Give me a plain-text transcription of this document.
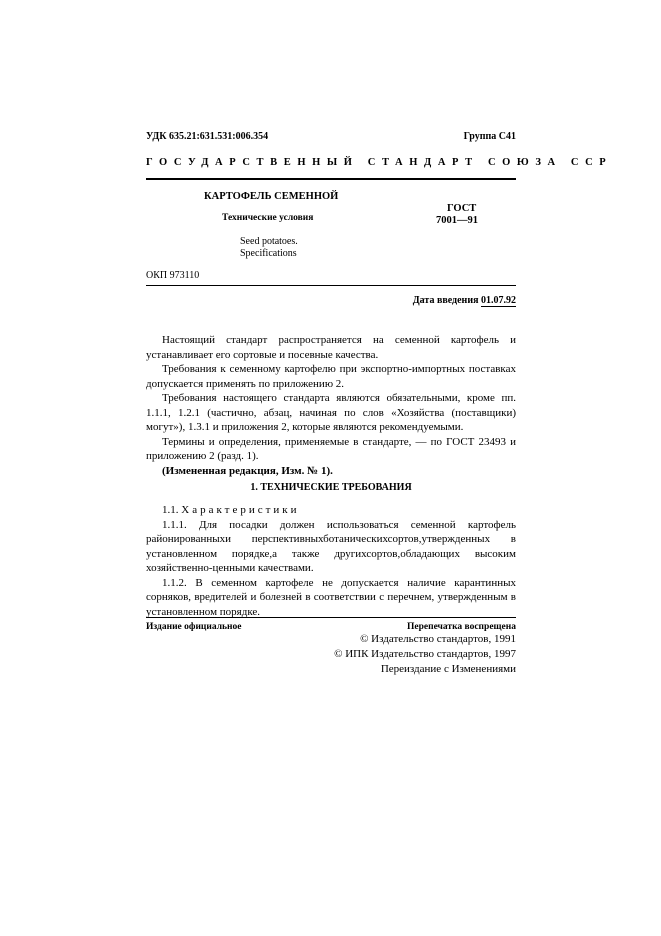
УДК 635.21:631.531:006.354	Группа С41
ГОСУДАРСТВЕННЫЙ СТАНДАРТ СОЮЗА ССР
КАРТОФЕЛЬ СЕМЕННОЙ
Технические условия
ГОСТ
7001—91
Seed potatoes.
Specifications
ОКП 973110
Дата введения 01.07.92

Настоящий стандарт распространяется на семенной картофель и устанавливает его сортовые и посевные качества.

Требования к семенному картофелю при экспортно-импортных поставках допускается применять по приложению 2.

Требования настоящего стандарта являются обязательными, кроме пп. 1.1.1, 1.2.1 (частично, абзац, начиная по слов «Хозяйства (поставщики) могут»), 1.3.1 и приложения 2, которые являются рекомендуемыми.

Термины и определения, применяемые в стандарте, — по ГОСТ 23493 и приложению 2 (разд. 1).

(Измененная редакция, Изм. № 1).

1. ТЕХНИЧЕСКИЕ ТРЕБОВАНИЯ

1.1. Характеристики

1.1.1. Для посадки должен использоваться семенной картофель районированныхи перспективныхботаническихсортов,утвержденных в установленном порядке,а также другихсортов,обладающих высоким хозяйственно-ценными качествами.

1.1.2. В семенном картофеле не допускается наличие карантинных сорняков, вредителей и болезней в соответствии с перечнем, утвержденным в установленном порядке.

Издание официальное	Перепечатка воспрещена
© Издательство стандартов, 1991
© ИПК Издательство стандартов, 1997
Переиздание с Изменениями
